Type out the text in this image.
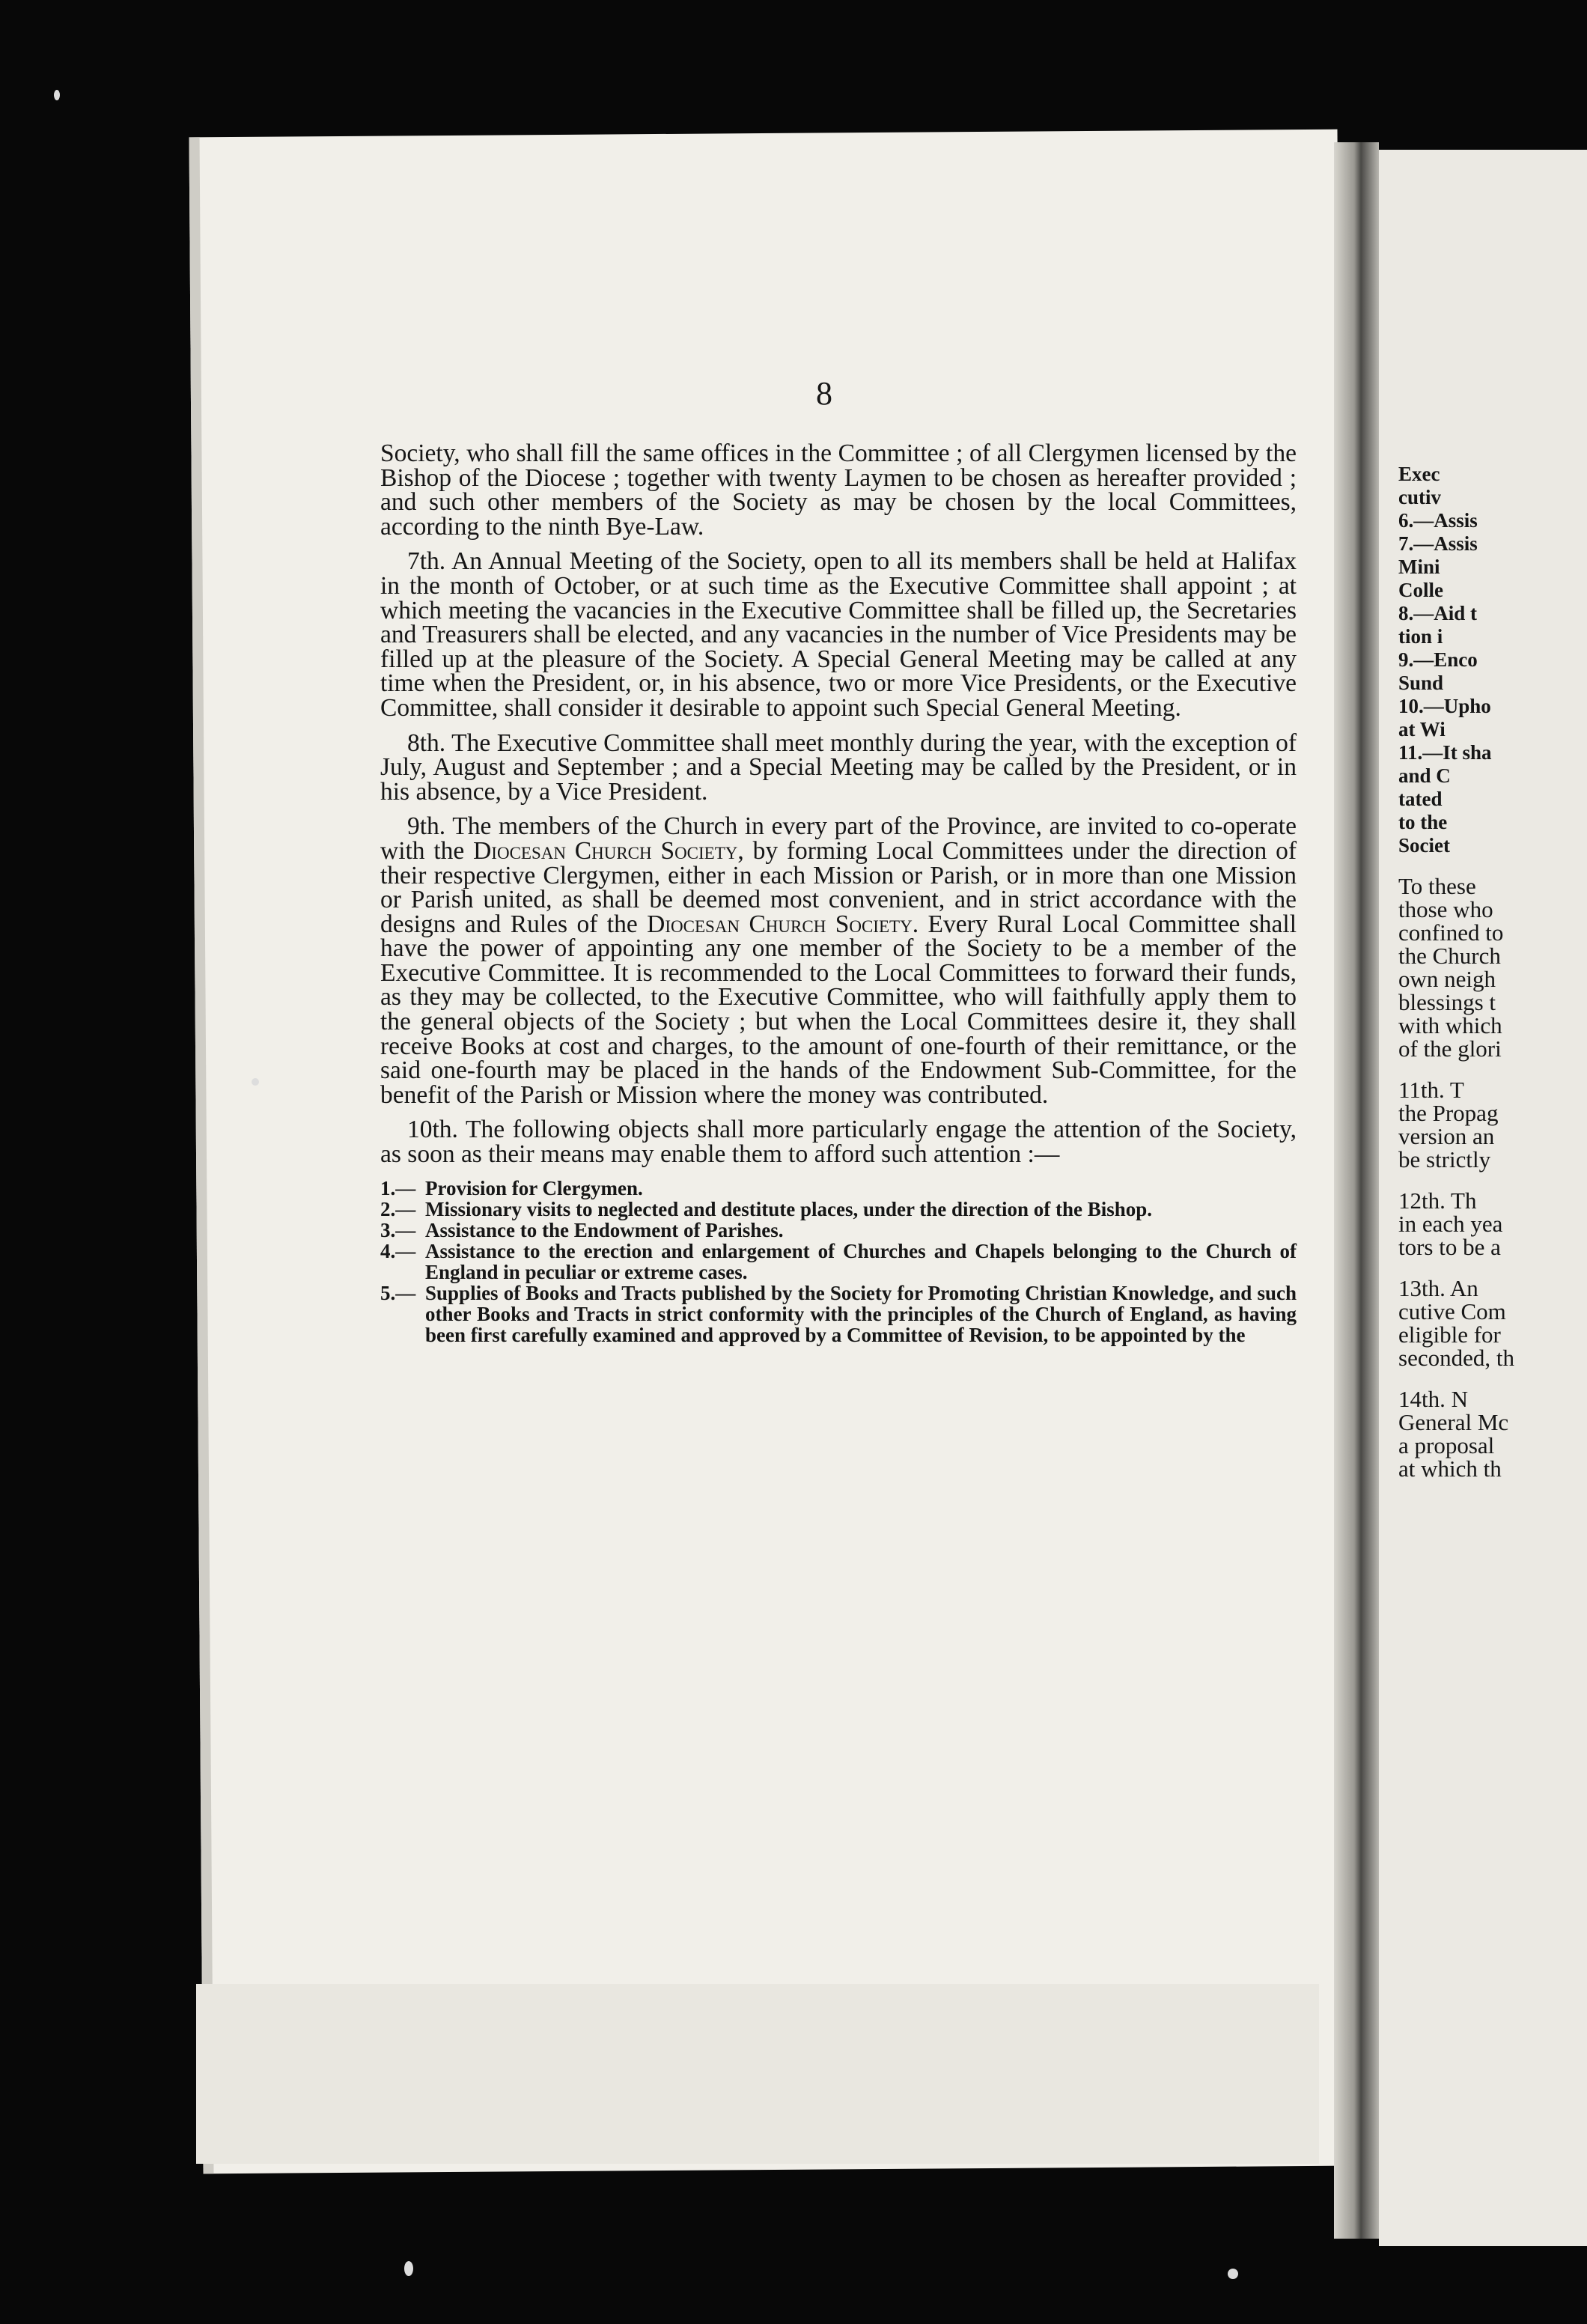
Exec
cutiv
6.—Assis
7.—Assis
Mini
Colle
8.—Aid t
tion i
9.—Enco
Sund
10.—Upho
at Wi
11.—It sha
and C
tated
to the
Societ
To these
those who
confined to
the Church
own neigh
blessings t
with which
of the glori
11th. T
the Propag
version an
be strictly
12th. Th
in each yea
tors to be a
13th. An
cutive Com
eligible for
seconded, th
14th. N
General Mc
a proposal
at which th
8

Society, who shall fill the same offices in the Committee ; of all Clergymen licensed by the Bishop of the Diocese ; together with twenty Laymen to be chosen as hereafter provided ; and such other members of the Society as may be chosen by the local Committees, according to the ninth Bye-Law.

7th. An Annual Meeting of the Society, open to all its members shall be held at Halifax in the month of October, or at such time as the Executive Committee shall appoint ; at which meeting the vacancies in the Executive Committee shall be filled up, the Secretaries and Treasurers shall be elected, and any vacancies in the number of Vice Presidents may be filled up at the pleasure of the Society. A Special General Meeting may be called at any time when the President, or, in his absence, two or more Vice Presidents, or the Executive Committee, shall consider it desirable to appoint such Special General Meeting.

8th. The Executive Committee shall meet monthly during the year, with the exception of July, August and September ; and a Special Meeting may be called by the President, or in his absence, by a Vice President.

9th. The members of the Church in every part of the Province, are invited to co-operate with the Diocesan Church Society, by forming Local Committees under the direction of their respective Clergymen, either in each Mission or Parish, or in more than one Mission or Parish united, as shall be deemed most convenient, and in strict accordance with the designs and Rules of the Diocesan Church Society. Every Rural Local Committee shall have the power of appointing any one member of the Society to be a member of the Executive Committee. It is recommended to the Local Committees to forward their funds, as they may be collected, to the Executive Committee, who will faithfully apply them to the general objects of the Society ; but when the Local Committees desire it, they shall receive Books at cost and charges, to the amount of one-fourth of their remittance, or the said one-fourth may be placed in the hands of the Endowment Sub-Committee, for the benefit of the Parish or Mission where the money was contributed.

10th. The following objects shall more particularly engage the attention of the Society, as soon as their means may enable them to afford such attention :—

1.— Provision for Clergymen.
2.— Missionary visits to neglected and destitute places, under the direction of the Bishop.
3.— Assistance to the Endowment of Parishes.
4.— Assistance to the erection and enlargement of Churches and Chapels belonging to the Church of England in peculiar or extreme cases.
5.— Supplies of Books and Tracts published by the Society for Promoting Christian Knowledge, and such other Books and Tracts in strict conformity with the principles of the Church of England, as having been first carefully examined and approved by a Committee of Revision, to be appointed by the
